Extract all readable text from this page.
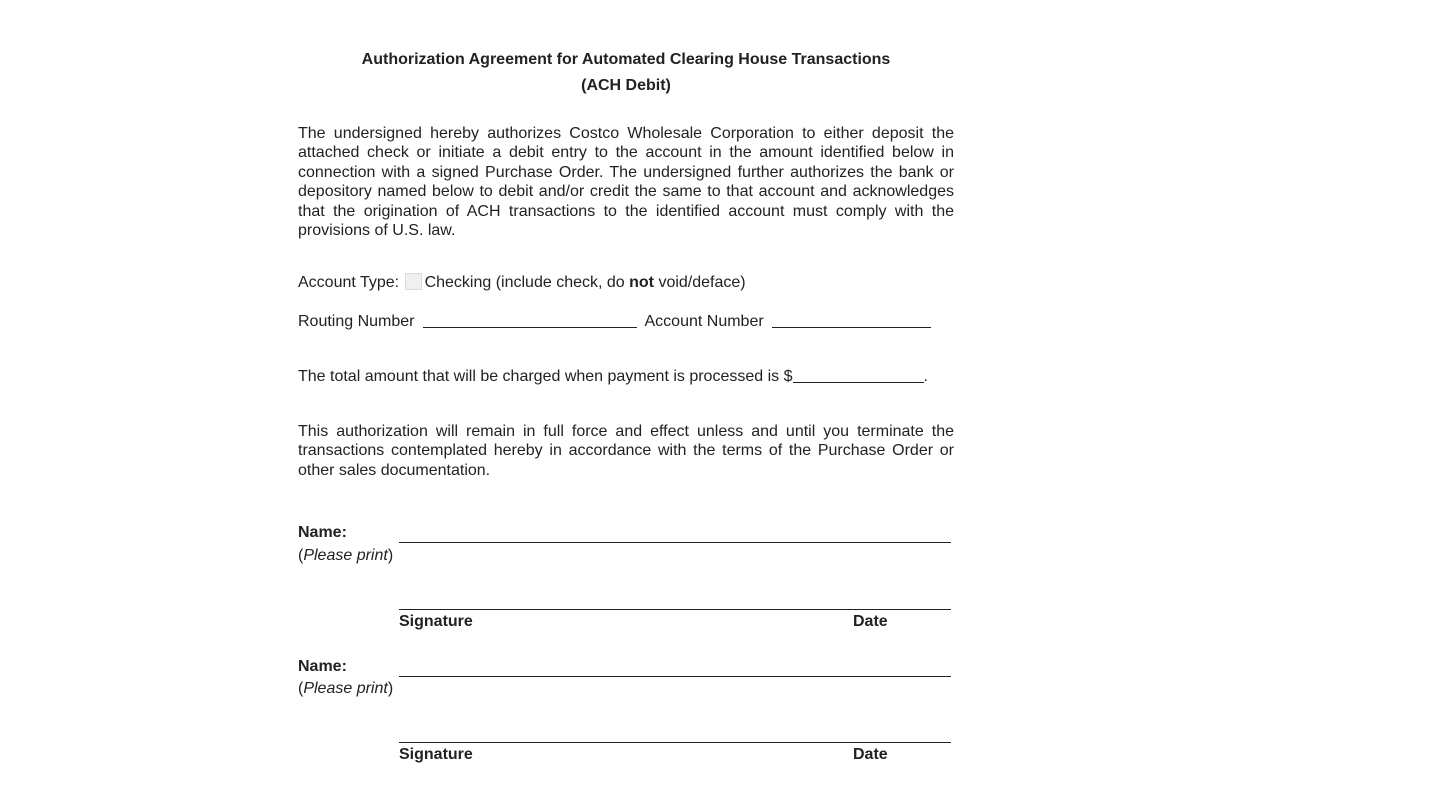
Authorization Agreement for Automated Clearing House Transactions

(ACH Debit)

The undersigned hereby authorizes Costco Wholesale Corporation to either deposit the attached check or initiate a debit entry to the account in the amount identified below in connection with a signed Purchase Order. The undersigned further authorizes the bank or depository named below to debit and/or credit the same to that account and acknowledges that the origination of ACH transactions to the identified account must comply with the provisions of U.S. law.

Account Type: Checking (include check, do not void/deface)

Routing Number	Account Number

The total amount that will be charged when payment is processed is $	.

This authorization will remain in full force and effect unless and until you terminate the transactions contemplated hereby in accordance with the terms of the Purchase Order or other sales documentation.

Name:

(Please print)

Signature	Date

Name:

(Please print)

Signature	Date
